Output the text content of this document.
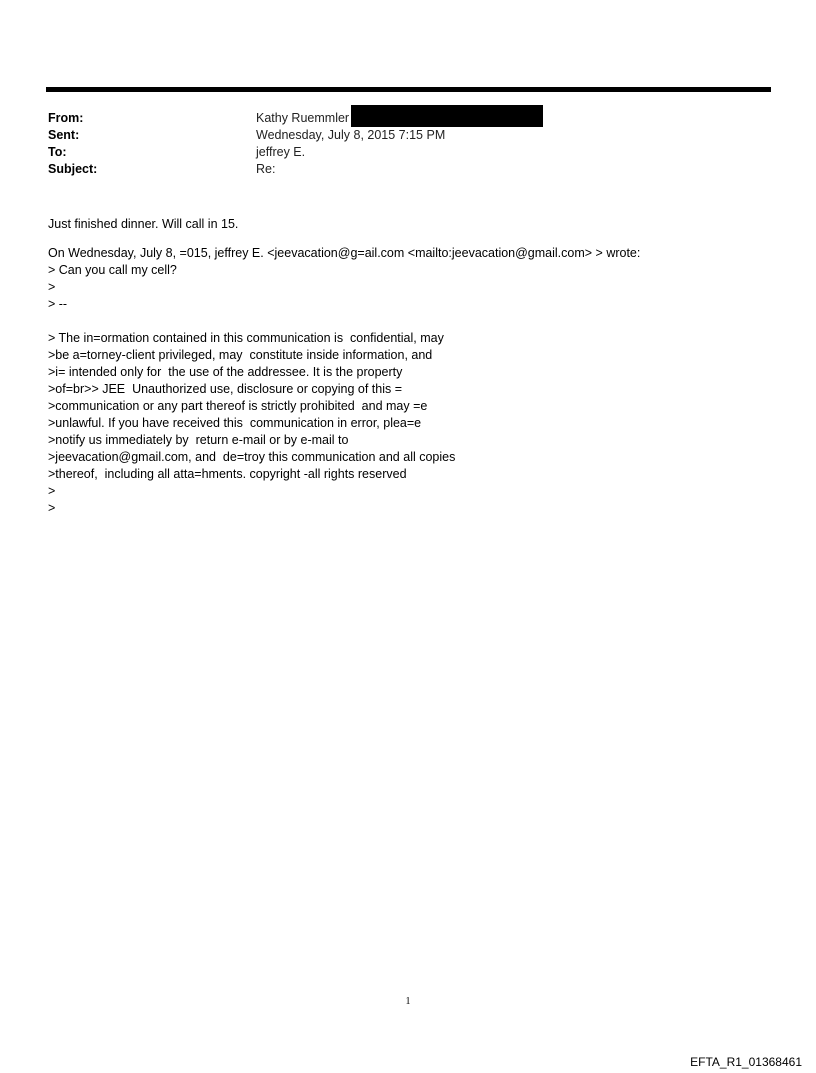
From:	Kathy Ruemmler
Sent:	Wednesday, July 8, 2015 7:15 PM
To:	jeffrey E.
Subject:	Re:
Just finished dinner. Will call in 15.
On Wednesday, July 8, =015, jeffrey E. <jeevacation@g=ail.com <mailto:jeevacation@gmail.com> > wrote:
> Can you call my cell?
>
> --
> The in=ormation contained in this communication is  confidential, may
>be a=torney-client privileged, may  constitute inside information, and
>i= intended only for  the use of the addressee. It is the property
>of=br>> JEE  Unauthorized use, disclosure or copying of this =
>communication or any part thereof is strictly prohibited  and may =e
>unlawful. If you have received this  communication in error, plea=e
>notify us immediately by  return e-mail or by e-mail to
>jeevacation@gmail.com, and  de=troy this communication and all copies
>thereof,  including all atta=hments. copyright -all rights reserved
>
>
1
EFTA_R1_01368461
